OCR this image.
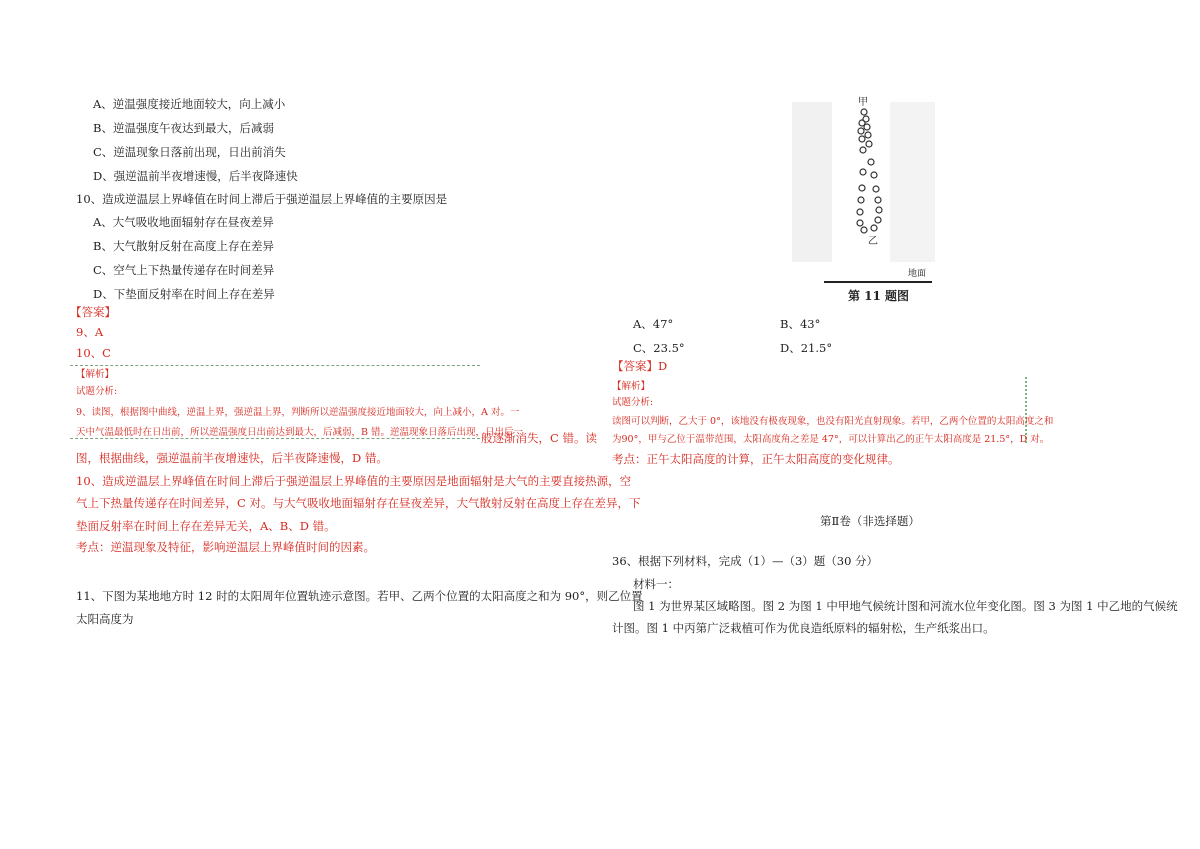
A、逆温强度接近地面较大，向上减小
B、逆温强度午夜达到最大，后减弱
C、逆温现象日落前出现，日出前消失
D、强逆温前半夜增速慢，后半夜降速快
10、造成逆温层上界峰值在时间上滞后于强逆温层上界峰值的主要原因是
A、大气吸收地面辐射存在昼夜差异
B、大气散射反射在高度上存在差异
C、空气上下热量传递存在时间差异
D、下垫面反射率在时间上存在差异
【答案】
9、A
10、C
【解析】
试题分析:
9、读图，根据图中曲线，逆温上界，强逆温上界，判断所以逆温强度接近地面较大，向上减小，A 对。一
天中气温最低时在日出前，所以逆温强度日出前达到最大，后减弱，B 错。逆温现象日落后出现，日出后一
般逐渐消失，C 错。读
图，根据曲线，强逆温前半夜增速快，后半夜降速慢，D 错。
10、造成逆温层上界峰值在时间上滞后于强逆温层上界峰值的主要原因是地面辐射是大气的主要直接热源，空
气上下热量传递存在时间差异，C 对。与大气吸收地面辐射存在昼夜差异，大气散射反射在高度上存在差异，下
垫面反射率在时间上存在差异无关，A、B、D 错。
考点：逆温现象及特征，影响逆温层上界峰值时间的因素。
11、下图为某地地方时 12 时的太阳周年位置轨迹示意图。若甲、乙两个位置的太阳高度之和为 90°，则乙位置
太阳高度为
甲
乙
地面
第 11 题图
A、47°	B、43°
C、23.5°	D、21.5°
【答案】D
【解析】
试题分析:
读图可以判断，乙大于 0°，该地没有极夜现象，也没有阳光直射现象。若甲，乙两个位置的太阳高度之和
为90°，甲与乙位于温带范围，太阳高度角之差是 47°，可以计算出乙的正午太阳高度是 21.5°，D 对。
考点：正午太阳高度的计算，正午太阳高度的变化规律。
第Ⅱ卷（非选择题）
36、根据下列材料，完成（1）—（3）题（30 分）
材料一：
图 1 为世界某区域略图。图 2 为图 1 中甲地气候统计图和河流水位年变化图。图 3 为图 1 中乙地的气候统
计图。图 1 中丙第广泛栽植可作为优良造纸原料的辐射松，生产纸浆出口。
